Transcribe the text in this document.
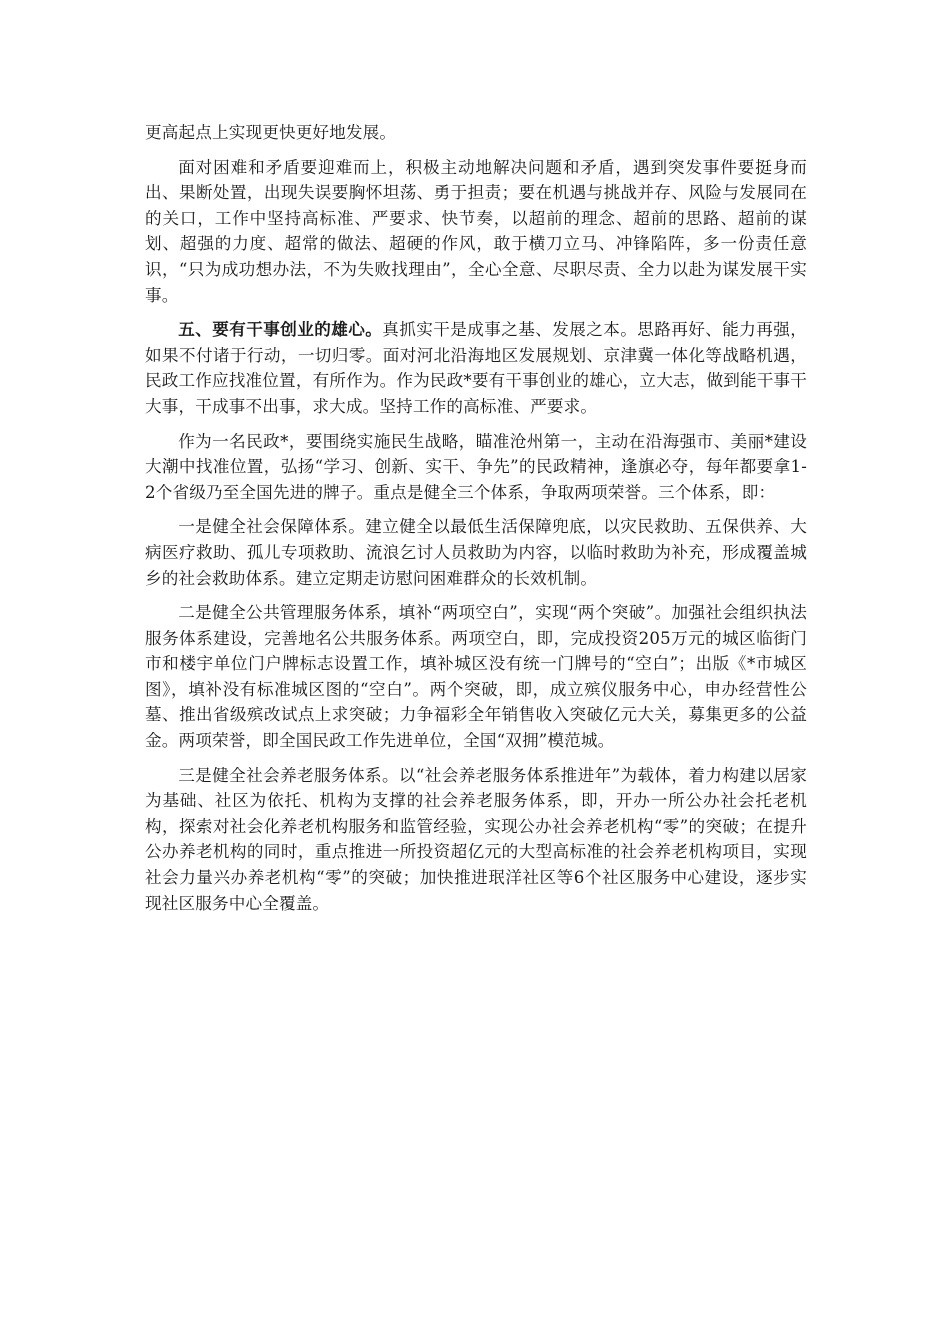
更高起点上实现更快更好地发展。

面对困难和矛盾要迎难而上，积极主动地解决问题和矛盾，遇到突发事件要挺身而出、果断处置，出现失误要胸怀坦荡、勇于担责；要在机遇与挑战并存、风险与发展同在的关口，工作中坚持高标准、严要求、快节奏，以超前的理念、超前的思路、超前的谋划、超强的力度、超常的做法、超硬的作风，敢于横刀立马、冲锋陷阵，多一份责任意识，“只为成功想办法，不为失败找理由”，全心全意、尽职尽责、全力以赴为谋发展干实事。

五、要有干事创业的雄心。真抓实干是成事之基、发展之本。思路再好、能力再强，如果不付诸于行动，一切归零。面对河北沿海地区发展规划、京津冀一体化等战略机遇，民政工作应找准位置，有所作为。作为民政*要有干事创业的雄心，立大志，做到能干事干大事，干成事不出事，求大成。坚持工作的高标准、严要求。

作为一名民政*，要围绕实施民生战略，瞄准沧州第一，主动在沿海强市、美丽*建设大潮中找准位置，弘扬“学习、创新、实干、争先”的民政精神，逢旗必夺，每年都要拿1-2个省级乃至全国先进的牌子。重点是健全三个体系，争取两项荣誉。三个体系，即：

一是健全社会保障体系。建立健全以最低生活保障兜底，以灾民救助、五保供养、大病医疗救助、孤儿专项救助、流浪乞讨人员救助为内容，以临时救助为补充，形成覆盖城乡的社会救助体系。建立定期走访慰问困难群众的长效机制。

二是健全公共管理服务体系，填补“两项空白”，实现“两个突破”。加强社会组织执法服务体系建设，完善地名公共服务体系。两项空白，即，完成投资205万元的城区临街门市和楼宇单位门户牌标志设置工作，填补城区没有统一门牌号的“空白”；出版《*市城区图》，填补没有标准城区图的“空白”。两个突破，即，成立殡仪服务中心，申办经营性公墓、推出省级殡改试点上求突破；力争福彩全年销售收入突破亿元大关，募集更多的公益金。两项荣誉，即全国民政工作先进单位，全国“双拥”模范城。

三是健全社会养老服务体系。以“社会养老服务体系推进年”为载体，着力构建以居家为基础、社区为依托、机构为支撑的社会养老服务体系，即，开办一所公办社会托老机构，探索对社会化养老机构服务和监管经验，实现公办社会养老机构“零”的突破；在提升公办养老机构的同时，重点推进一所投资超亿元的大型高标准的社会养老机构项目，实现社会力量兴办养老机构“零”的突破；加快推进珉洋社区等6个社区服务中心建设，逐步实现社区服务中心全覆盖。
